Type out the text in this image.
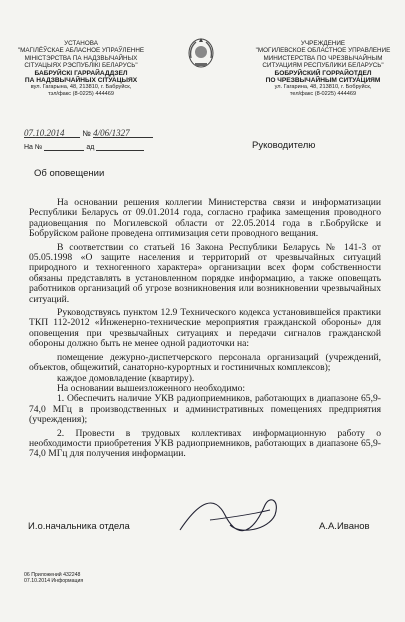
УСТАНОВА
"МАГІЛЁЎСКАЕ АБЛАСНОЕ УПРАЎЛЕННЕ
МІНІСТЭРСТВА ПА НАДЗВЫЧАЙНЫХ
СІТУАЦЫЯХ РЭСПУБЛІКІ БЕЛАРУСЬ"
БАБРУЙСКІ ГАРРАЙАДДЗЕЛ
ПА НАДЗВЫЧАЙНЫХ СІТУАЦЫЯХ
вул. Гагарына, 48, 213810, г. Бабруйск,
тэл/факс (8-0225) 444469
УЧРЕЖДЕНИЕ
"МОГИЛЕВСКОЕ ОБЛАСТНОЕ УПРАВЛЕНИЕ
МИНИСТЕРСТВА ПО ЧРЕЗВЫЧАЙНЫМ
СИТУАЦИЯМ РЕСПУБЛИКИ БЕЛАРУСЬ"
БОБРУЙСКИЙ ГОРРАЙОТДЕЛ
ПО ЧРЕЗВЫЧАЙНЫМ СИТУАЦИЯМ
ул. Гагарина, 48, 213810, г. Бобруйск,
тел/факс (8-0225) 444469
07.10.2014 № 4/06/1327
На №	ад	Руководителю
Об оповещении

На основании решения коллегии Министерства связи и информатизации Республики Беларусь от 09.01.2014 года, согласно графика замещения проводного радиовещания по Могилевской области от 22.05.2014 года в г.Бобруйске и Бобруйском районе проведена оптимизация сети проводного вещания.

В соответствии со статьей 16 Закона Республики Беларусь № 141-3 от 05.05.1998 «О защите населения и территорий от чрезвычайных ситуаций природного и техногенного характера» организации всех форм собственности обязаны представлять в установленном порядке информацию, а также оповещать работников организаций об угрозе возникновения или возникновении чрезвычайных ситуаций.

Руководствуясь пунктом 12.9 Технического кодекса установившейся практики ТКП 112-2012 «Инженерно-технические мероприятия гражданской обороны» для оповещения при чрезвычайных ситуациях и передачи сигналов гражданской обороны должно быть не менее одной радиоточки на:

помещение дежурно-диспетчерского персонала организаций (учреждений, объектов, общежитий, санаторно-курортных и гостиничных комплексов);

каждое домовладение (квартиру).

На основании вышеизложенного необходимо:

1. Обеспечить наличие УКВ радиоприемников, работающих в диапазоне 65,9-74,0 МГц в производственных и административных помещениях предприятия (учреждения);

2. Провести в трудовых коллективах информационную работу о необходимости приобретения УКВ радиоприемников, работающих в диапазоне 65,9-74,0 МГц для получения информации.

И.о.начальника отдела	А.А.Иванов
06 Приложений 432248
07.10.2014 Информация
